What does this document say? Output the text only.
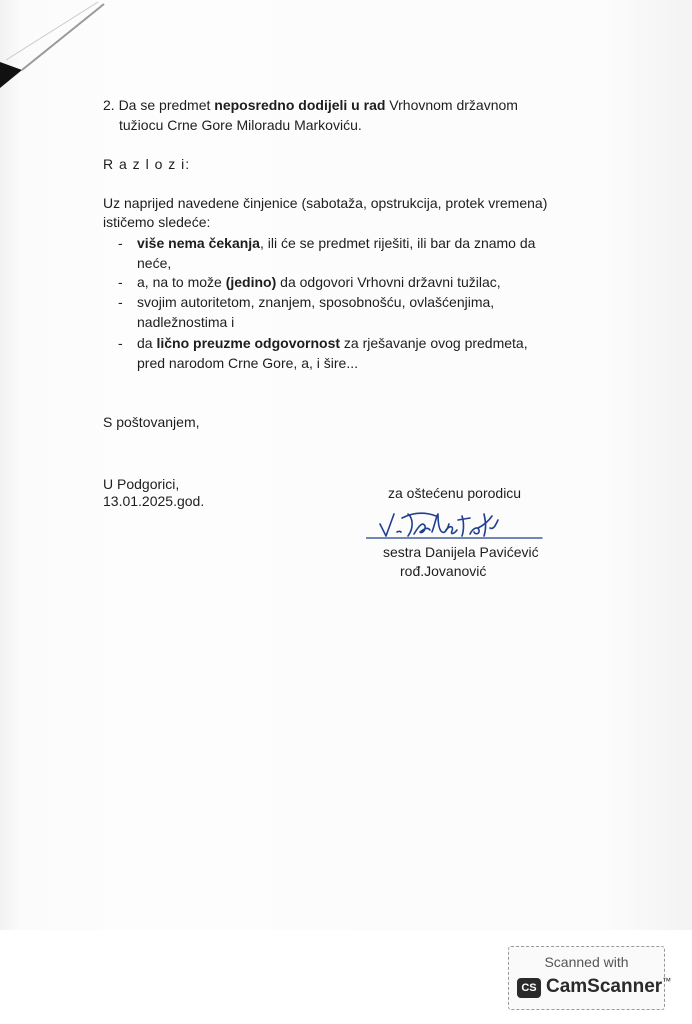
2. Da se predmet neposredno dodijeli u rad Vrhovnom državnom
tužiocu Crne Gore Miloradu Markoviću.
R a z l o z i:
Uz naprijed navedene činjenice (sabotaža, opstrukcija, protek vremena)
ističemo sledeće:
- više nema čekanja, ili će se predmet riješiti, ili bar da znamo da
neće,
- a, na to može (jedino) da odgovori Vrhovni državni tužilac,
- svojim autoritetom, znanjem, sposobnošću, ovlašćenjima,
nadležnostima i
- da lično preuzme odgovornost za rješavanje ovog predmeta,
pred narodom Crne Gore, a, i šire...
S poštovanjem,
U Podgorici,
13.01.2025.god.	za oštećenu porodicu
sestra Danijela Pavićević
rođ.Jovanović
Scanned with
CS CamScanner™
